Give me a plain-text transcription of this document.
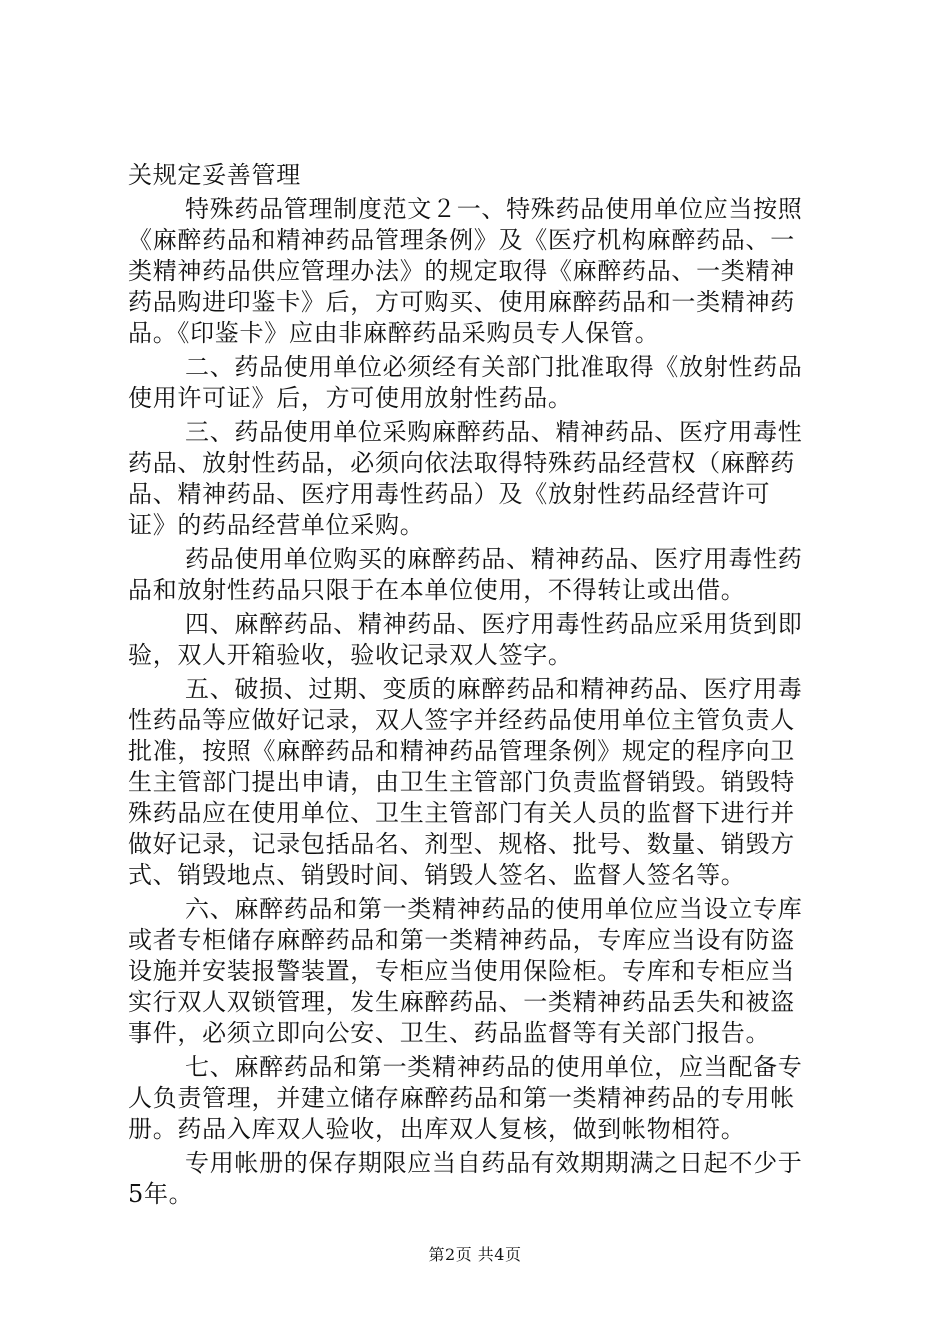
关规定妥善管理
特殊药品管理制度范文２一、特殊药品使用单位应当按照
《麻醉药品和精神药品管理条例》及《医疗机构麻醉药品、一
类精神药品供应管理办法》的规定取得《麻醉药品、一类精神
药品购进印鉴卡》后，方可购买、使用麻醉药品和一类精神药
品。《印鉴卡》应由非麻醉药品采购员专人保管。
二、药品使用单位必须经有关部门批准取得《放射性药品
使用许可证》后，方可使用放射性药品。
三、药品使用单位采购麻醉药品、精神药品、医疗用毒性
药品、放射性药品，必须向依法取得特殊药品经营权（麻醉药
品、精神药品、医疗用毒性药品）及《放射性药品经营许可
证》的药品经营单位采购。
药品使用单位购买的麻醉药品、精神药品、医疗用毒性药
品和放射性药品只限于在本单位使用，不得转让或出借。
四、麻醉药品、精神药品、医疗用毒性药品应采用货到即
验，双人开箱验收，验收记录双人签字。
五、破损、过期、变质的麻醉药品和精神药品、医疗用毒
性药品等应做好记录，双人签字并经药品使用单位主管负责人
批准，按照《麻醉药品和精神药品管理条例》规定的程序向卫
生主管部门提出申请，由卫生主管部门负责监督销毁。销毁特
殊药品应在使用单位、卫生主管部门有关人员的监督下进行并
做好记录，记录包括品名、剂型、规格、批号、数量、销毁方
式、销毁地点、销毁时间、销毁人签名、监督人签名等。
六、麻醉药品和第一类精神药品的使用单位应当设立专库
或者专柜储存麻醉药品和第一类精神药品，专库应当设有防盗
设施并安装报警装置，专柜应当使用保险柜。专库和专柜应当
实行双人双锁管理，发生麻醉药品、一类精神药品丢失和被盗
事件，必须立即向公安、卫生、药品监督等有关部门报告。
七、麻醉药品和第一类精神药品的使用单位，应当配备专
人负责管理，并建立储存麻醉药品和第一类精神药品的专用帐
册。药品入库双人验收，出库双人复核，做到帐物相符。
专用帐册的保存期限应当自药品有效期期满之日起不少于
5年。
第2页 共4页
